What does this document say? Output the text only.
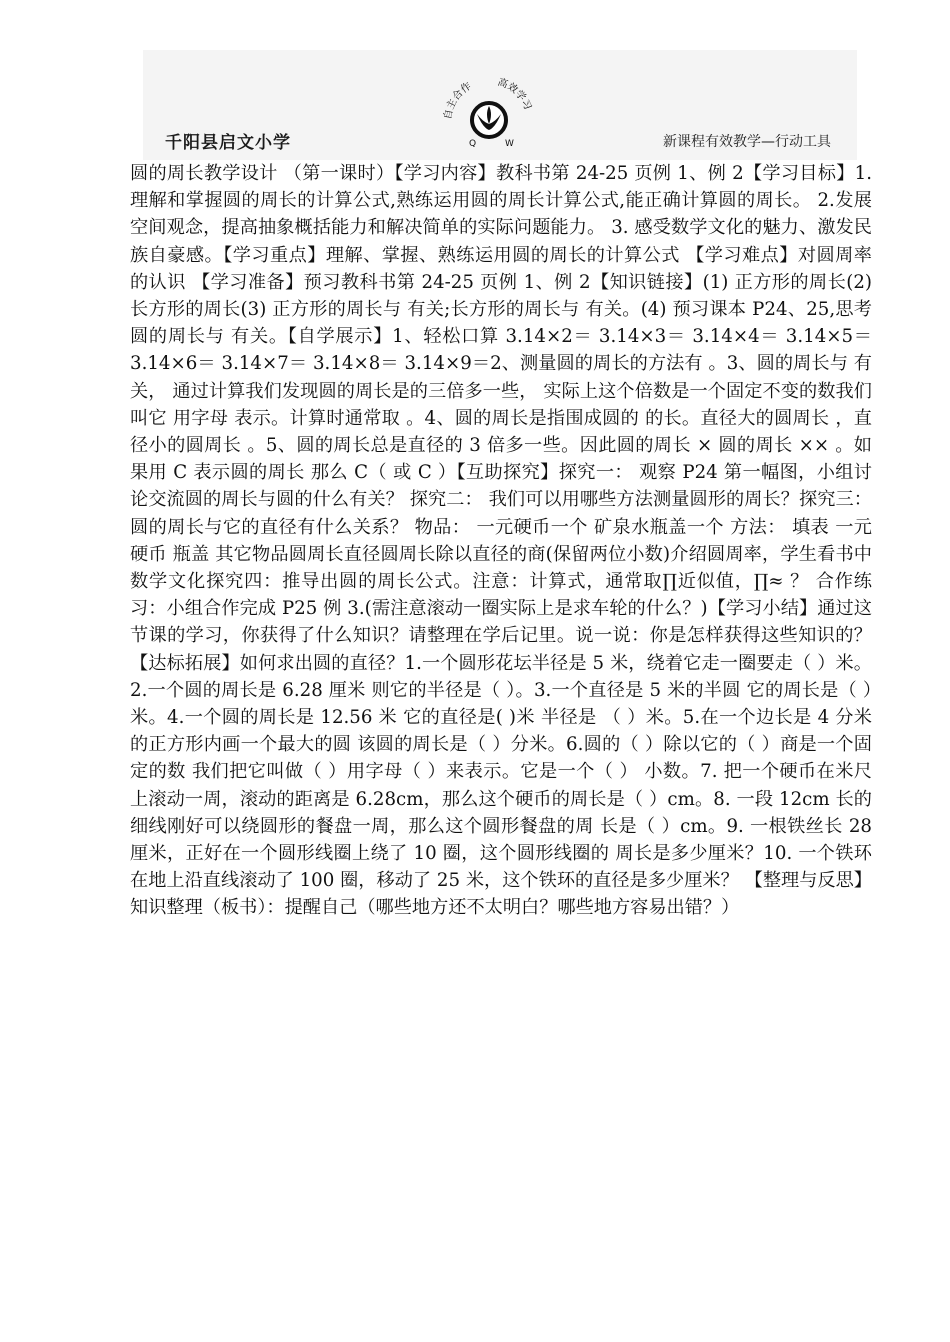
千阳县启文小学
自主合作 高效学习
Q	W	新课程有效教学—行动工具
圆的周长教学设计 （第一课时）【学习内容】教科书第 24-25 页例 1、例 2【学习目标】1.理解和掌握圆的周长的计算公式,熟练运用圆的周长计算公式,能正确计算圆的周长。 2.发展空间观念，提高抽象概括能力和解决简单的实际问题能力。 3. 感受数学文化的魅力、激发民族自豪感。【学习重点】理解、掌握、熟练运用圆的周长的计算公式 【学习难点】对圆周率的认识 【学习准备】预习教科书第 24-25 页例 1、例 2【知识链接】(1) 正方形的周长(2) 长方形的周长(3) 正方形的周长与 有关;长方形的周长与 有关。(4) 预习课本 P24、25,思考圆的周长与 有关。【自学展示】1、轻松口算 3.14×2＝ 3.14×3＝ 3.14×4＝ 3.14×5＝ 3.14×6＝ 3.14×7＝ 3.14×8＝ 3.14×9＝2、测量圆的周长的方法有 。3、圆的周长与 有关， 通过计算我们发现圆的周长是的三倍多一些， 实际上这个倍数是一个固定不变的数我们叫它 用字母 表示。计算时通常取 。4、圆的周长是指围成圆的 的长。直径大的圆周长 ，直径小的圆周长 。5、圆的周长总是直径的 3 倍多一些。因此圆的周长 × 圆的周长 ×× 。如果用 C 表示圆的周长 那么 C（ 或 C ）【互助探究】探究一： 观察 P24 第一幅图，小组讨论交流圆的周长与圆的什么有关？ 探究二： 我们可以用哪些方法测量圆形的周长？探究三： 圆的周长与它的直径有什么关系？ 物品： 一元硬币一个 矿泉水瓶盖一个 方法： 填表 一元硬币 瓶盖 其它物品圆周长直径圆周长除以直径的商(保留两位小数)介绍圆周率，学生看书中数学文化探究四：推导出圆的周长公式。注意：计算式，通常取∏近似值，∏≈ ？ 合作练习：小组合作完成 P25 例 3.(需注意滚动一圈实际上是求车轮的什么？)【学习小结】通过这节课的学习，你获得了什么知识？请整理在学后记里。说一说：你是怎样获得这些知识的？ 【达标拓展】如何求出圆的直径？1.一个圆形花坛半径是 5 米，绕着它走一圈要走（ ）米。2.一个圆的周长是 6.28 厘米 则它的半径是（ ）。3.一个直径是 5 米的半圆 它的周长是（ ）米。4.一个圆的周长是 12.56 米 它的直径是( )米 半径是 （ ）米。5.在一个边长是 4 分米的正方形内画一个最大的圆 该圆的周长是（ ）分米。6.圆的（ ）除以它的（ ）商是一个固定的数 我们把它叫做（ ）用字母（ ）来表示。它是一个（ ） 小数。7. 把一个硬币在米尺上滚动一周，滚动的距离是 6.28cm，那么这个硬币的周长是（ ）cm。8. 一段 12cm 长的细线刚好可以绕圆形的餐盘一周，那么这个圆形餐盘的周 长是（ ）cm。9. 一根铁丝长 28 厘米，正好在一个圆形线圈上绕了 10 圈，这个圆形线圈的 周长是多少厘米？10. 一个铁环在地上沿直线滚动了 100 圈，移动了 25 米，这个铁环的直径是多少厘米？ 【整理与反思】知识整理（板书）：提醒自己（哪些地方还不太明白？哪些地方容易出错？）
